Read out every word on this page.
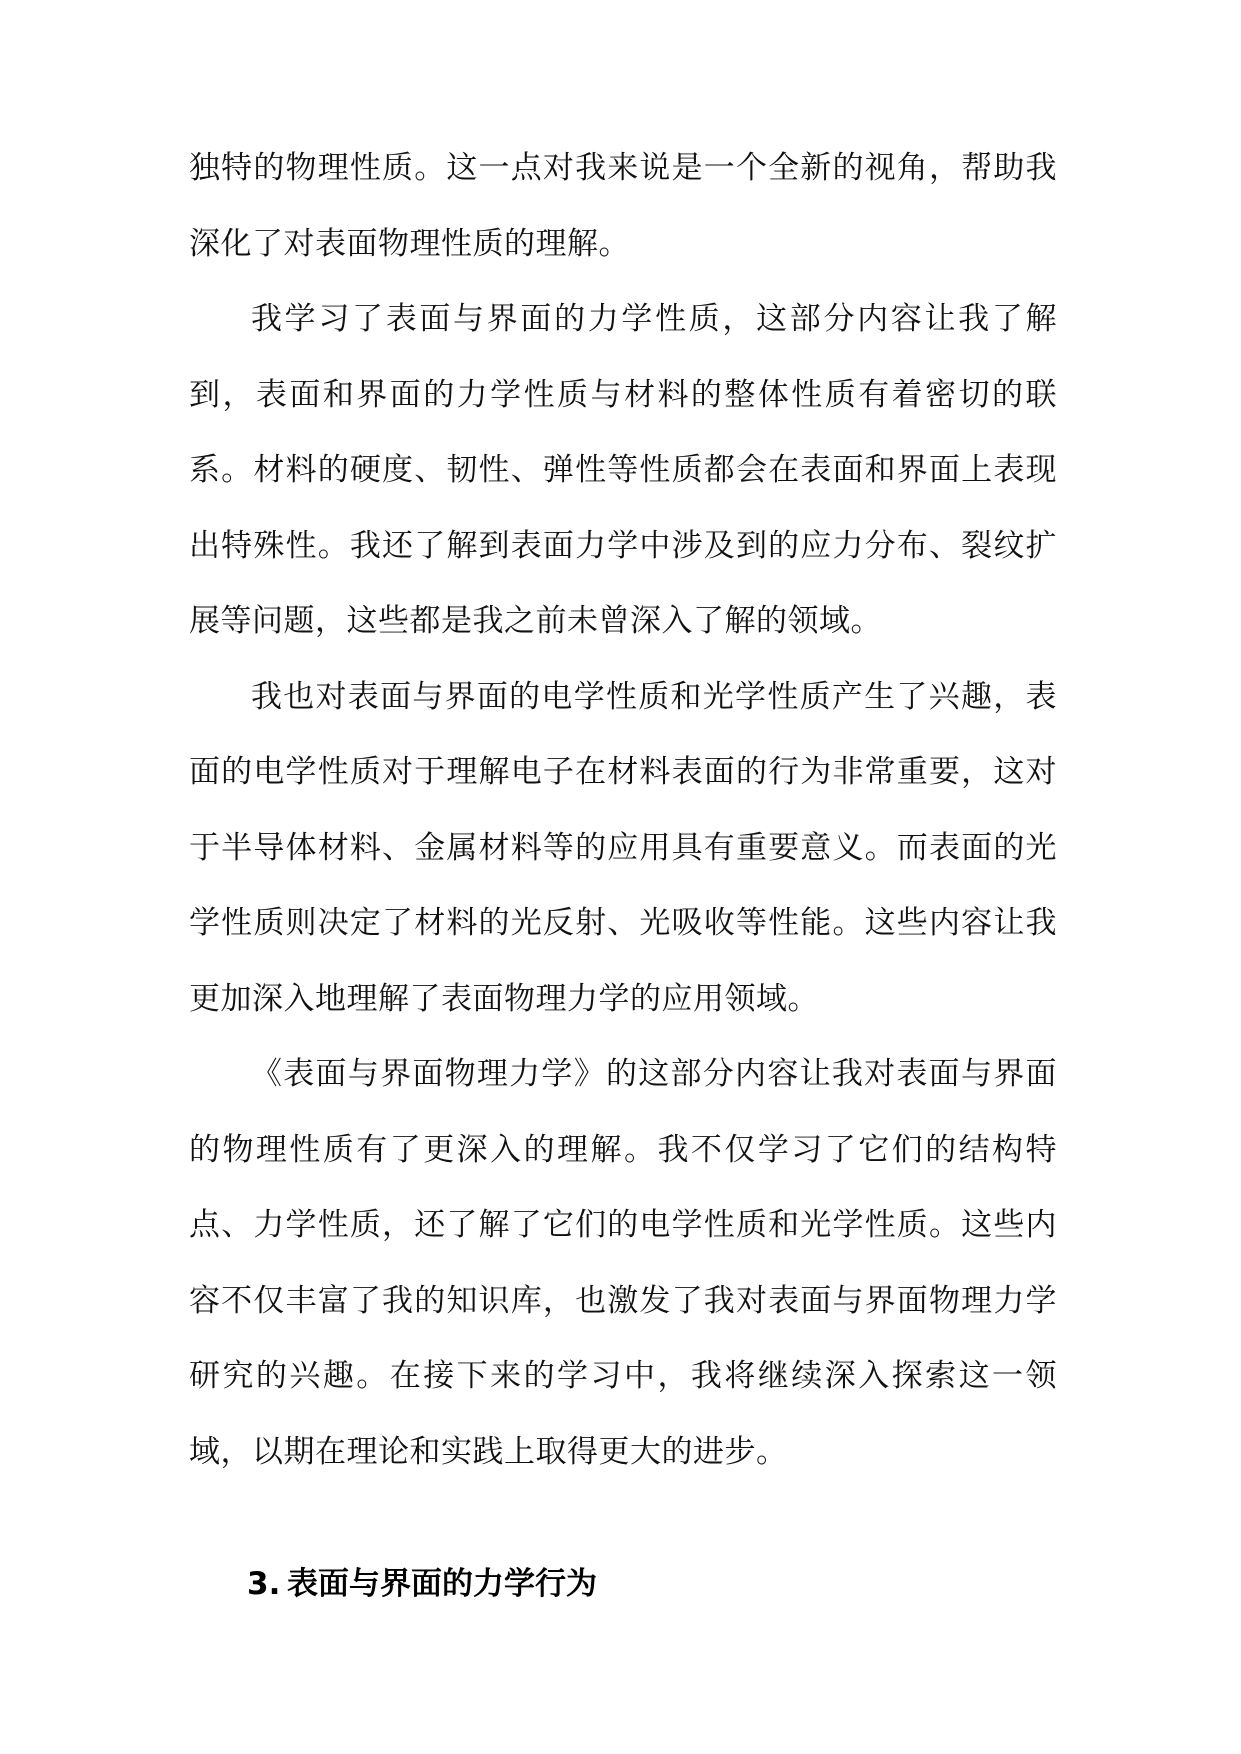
独特的物理性质。这一点对我来说是一个全新的视角，帮助我深化了对表面物理性质的理解。

我学习了表面与界面的力学性质，这部分内容让我了解到，表面和界面的力学性质与材料的整体性质有着密切的联系。材料的硬度、韧性、弹性等性质都会在表面和界面上表现出特殊性。我还了解到表面力学中涉及到的应力分布、裂纹扩展等问题，这些都是我之前未曾深入了解的领域。

我也对表面与界面的电学性质和光学性质产生了兴趣，表面的电学性质对于理解电子在材料表面的行为非常重要，这对于半导体材料、金属材料等的应用具有重要意义。而表面的光学性质则决定了材料的光反射、光吸收等性能。这些内容让我更加深入地理解了表面物理力学的应用领域。

《表面与界面物理力学》的这部分内容让我对表面与界面的物理性质有了更深入的理解。我不仅学习了它们的结构特点、力学性质，还了解了它们的电学性质和光学性质。这些内容不仅丰富了我的知识库，也激发了我对表面与界面物理力学研究的兴趣。在接下来的学习中，我将继续深入探索这一领域，以期在理论和实践上取得更大的进步。

3. 表面与界面的力学行为
